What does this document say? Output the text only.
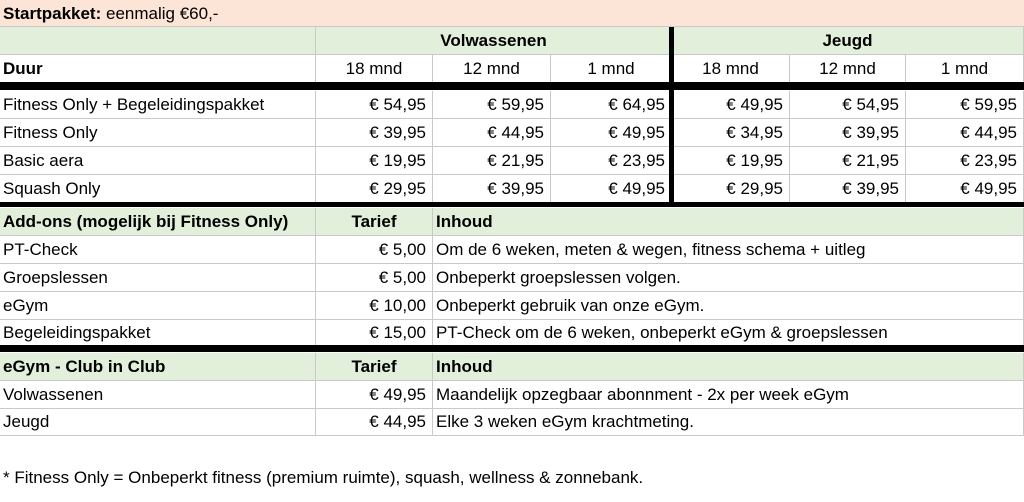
Startpakket:
eenmalig €60,-
* Fitness Only = Onbeperkt fitness (premium ruimte), squash, wellness & zonnebank.
Volwassenen	Jeugd
Duur	18 mnd	12 mnd	1 mnd	18 mnd	12 mnd	1 mnd
Fitness Only + Begeleidingspakket	€ 54,95	€ 59,95	€ 64,95	€ 49,95	€ 54,95	€ 59,95
Fitness Only	€ 39,95	€ 44,95	€ 49,95	€ 34,95	€ 39,95	€ 44,95
Basic aera	€ 19,95	€ 21,95	€ 23,95	€ 19,95	€ 21,95	€ 23,95
Squash Only	€ 29,95	€ 39,95	€ 49,95	€ 29,95	€ 39,95	€ 49,95
Add-ons (mogelijk bij Fitness Only)	Tarief	Inhoud
PT-Check	€ 5,00 Om de 6 weken, meten & wegen, fitness schema + uitleg
Groepslessen	€ 5,00 Onbeperkt groepslessen volgen.
eGym	€ 10,00 Onbeperkt gebruik van onze eGym.
Begeleidingspakket	€ 15,00 PT-Check om de 6 weken, onbeperkt eGym & groepslessen
eGym - Club in Club	Tarief	Inhoud
Volwassenen	€ 49,95 Maandelijk opzegbaar abonnment - 2x per week eGym
Jeugd	€ 44,95 Elke 3 weken eGym krachtmeting.
